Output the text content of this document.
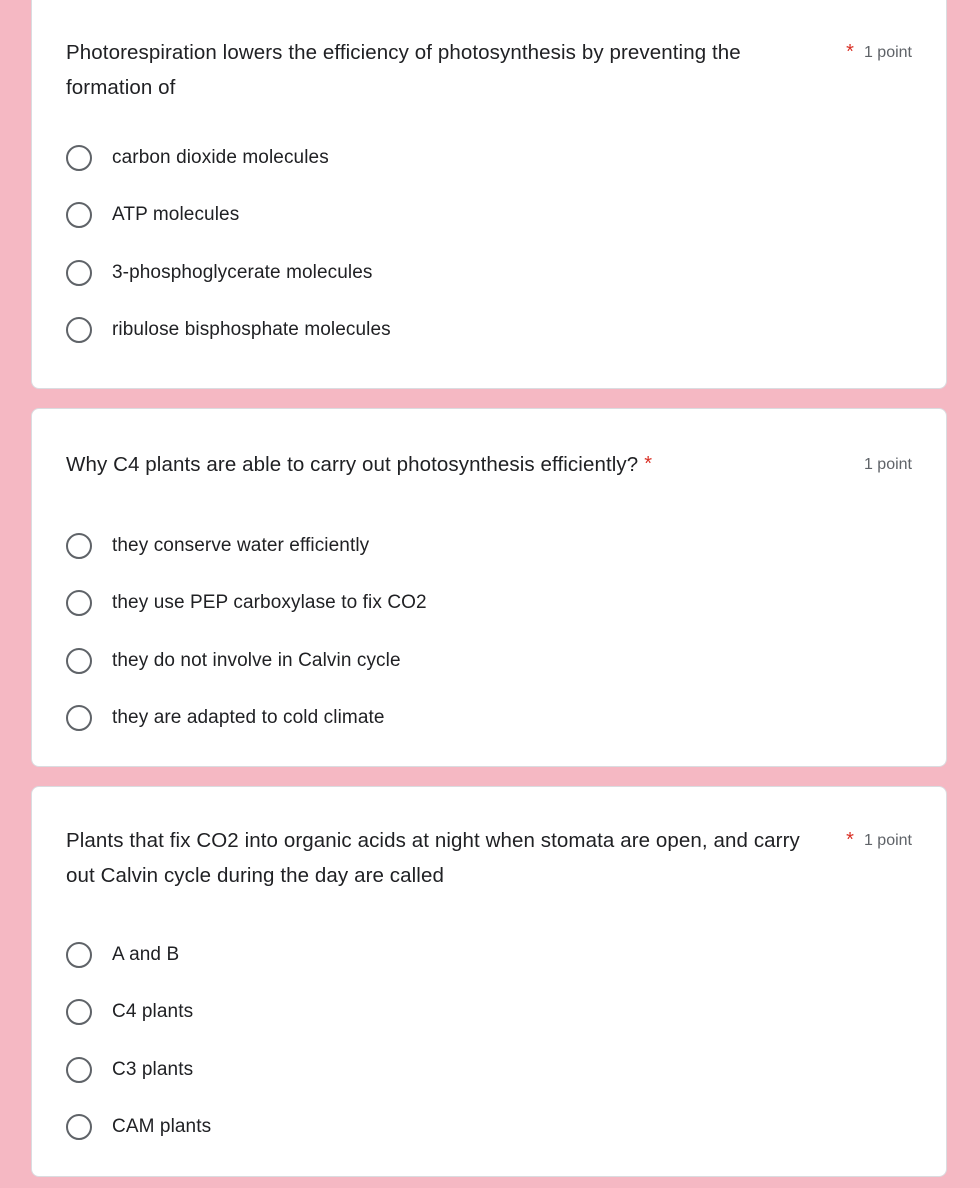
Photorespiration lowers the efficiency of photosynthesis by preventing the formation of
* 1 point
carbon dioxide molecules
ATP molecules
3-phosphoglycerate molecules
ribulose bisphosphate molecules
Why C4 plants are able to carry out photosynthesis efficiently? *	1 point
they conserve water efficiently
they use PEP carboxylase to fix CO2
they do not involve in Calvin cycle
they are adapted to cold climate
Plants that fix CO2 into organic acids at night when stomata are open, and carry out Calvin cycle during the day are called
* 1 point
A and B
C4 plants
C3 plants
CAM plants
